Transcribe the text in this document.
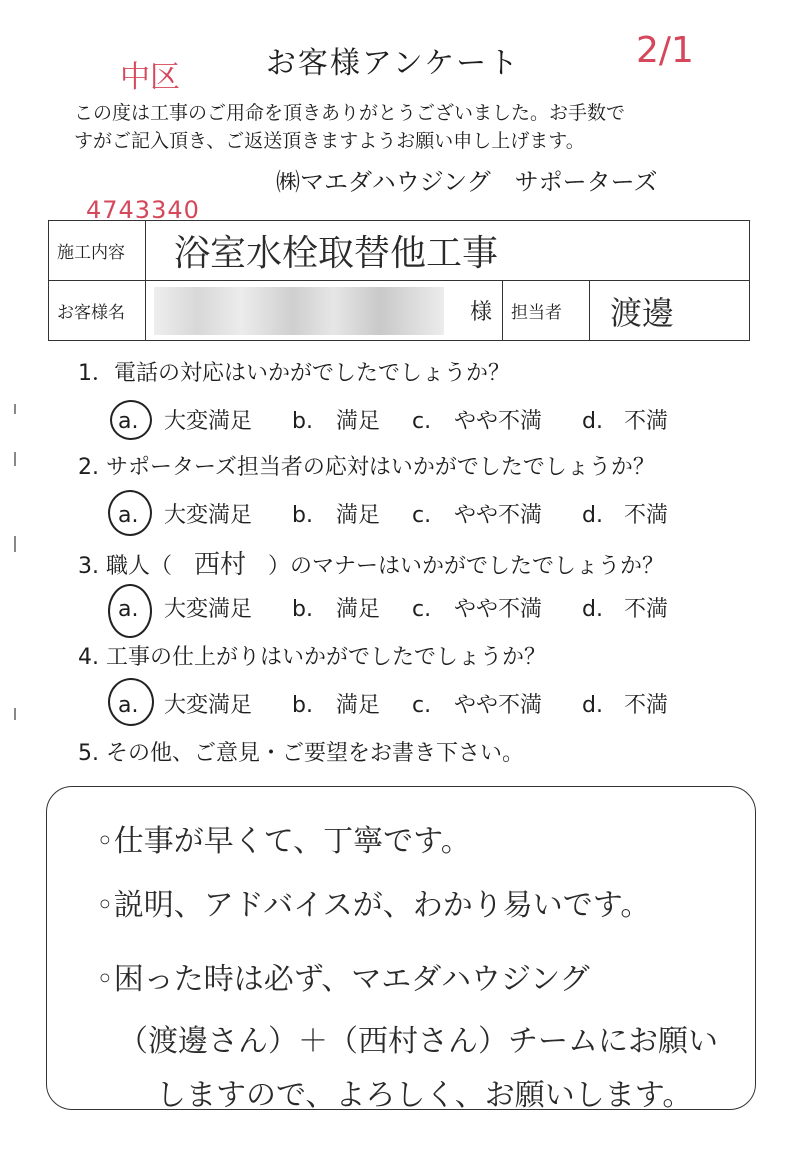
お客様アンケート
中区
2/1
この度は工事のご用命を頂きありがとうございました。お手数で
すがご記入頂き、ご返送頂きますようお願い申し上げます。
㈱マエダハウジング　サポーターズ
4743340
施工内容	浴室水栓取替他工事			
お客様名		様	担当者	渡邊
1．電話の対応はいかがでしたでしょうか？
a. 大変満足 b. 満足 c. やや不満 d. 不満
2. サポーターズ担当者の応対はいかがでしたでしょうか？
a. 大変満足 b. 満足 c. やや不満 d. 不満
3. 職人（ 西村 ）のマナーはいかがでしたでしょうか？
a. 大変満足 b. 満足 c. やや不満 d. 不満
4. 工事の仕上がりはいかがでしたでしょうか？
a. 大変満足 b. 満足 c. やや不満 d. 不満
5. その他、ご意見・ご要望をお書き下さい。
◦仕事が早くて、丁寧です。
◦説明、アドバイスが、わかり易いです。
◦困った時は必ず、マエダハウジング
（渡邊さん）＋（西村さん）チームにお願い
しますので、よろしく、お願いします。
